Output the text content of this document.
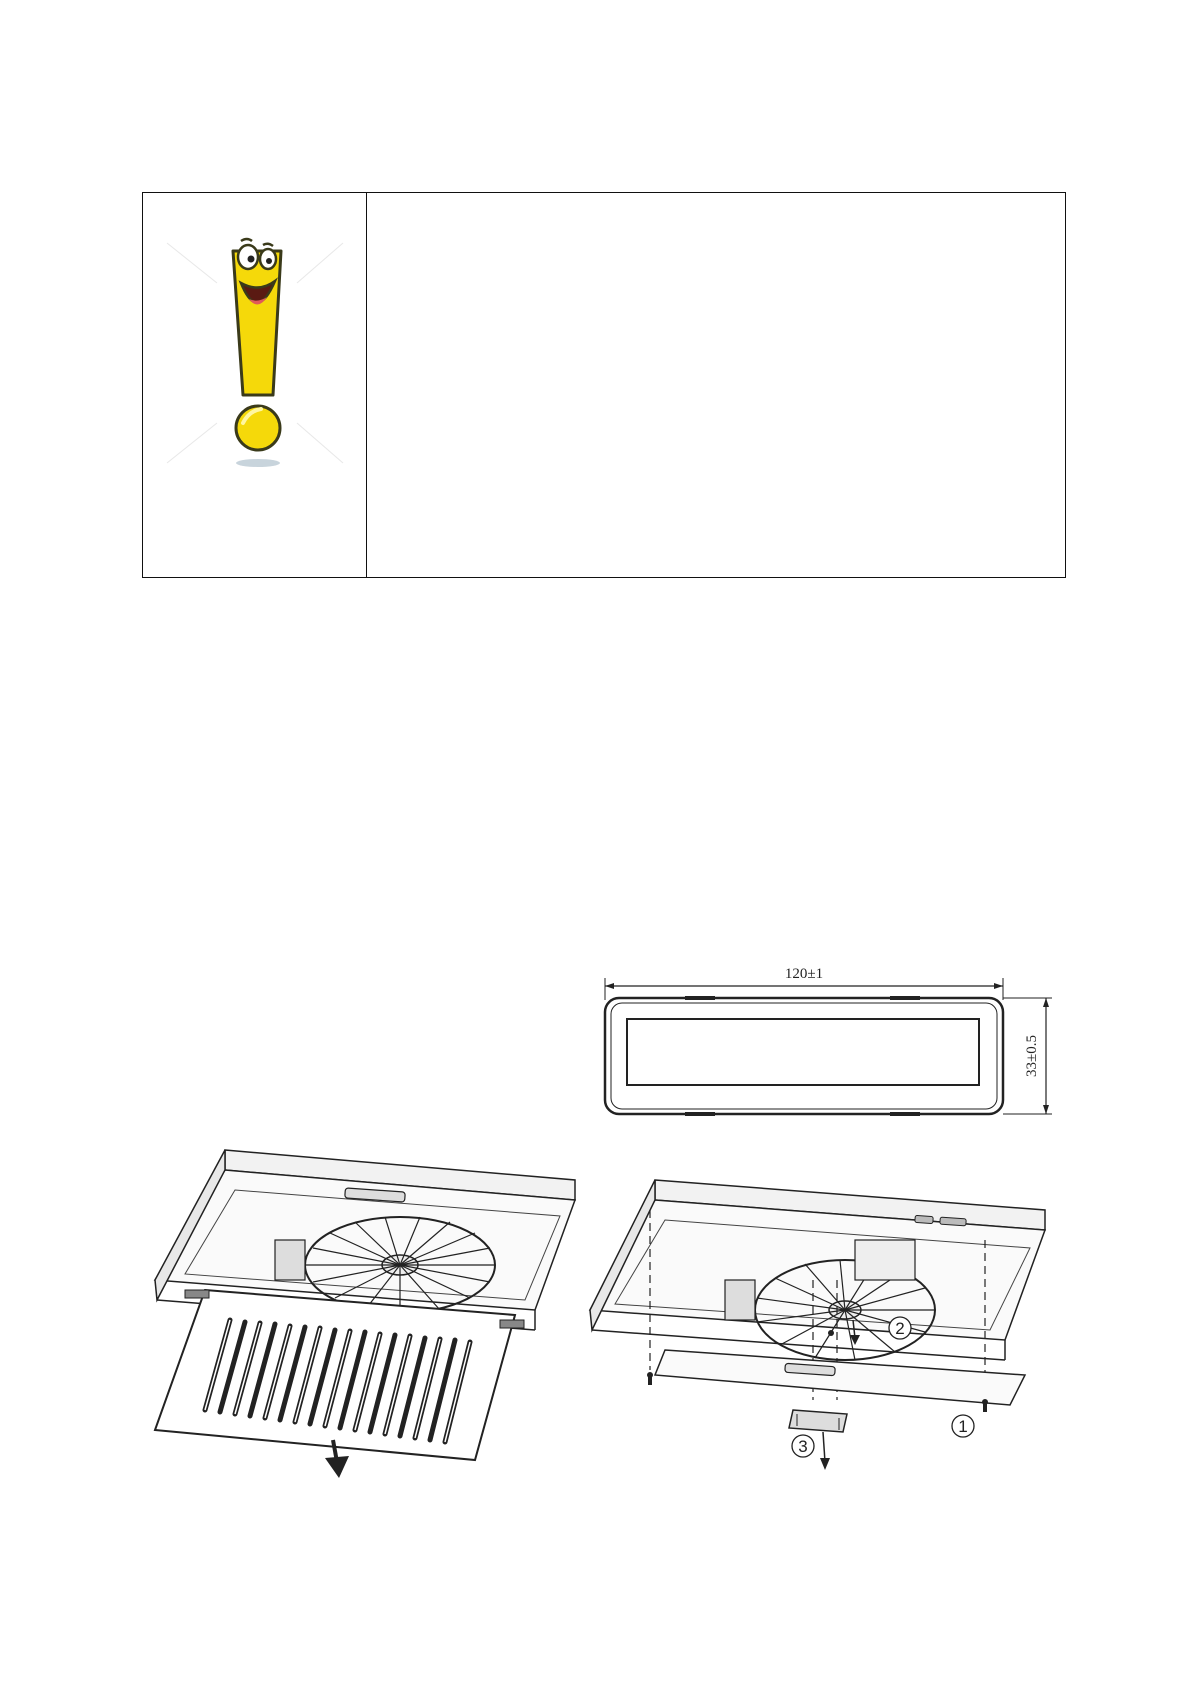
120±1
33±0.5
1
2
3
